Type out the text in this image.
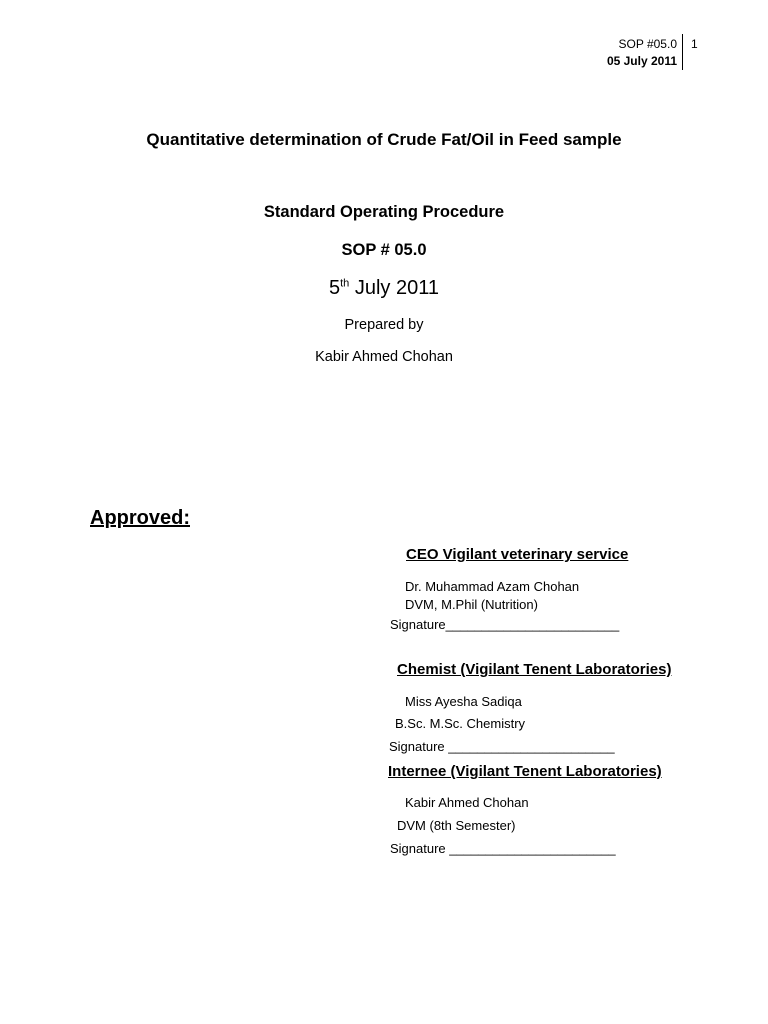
SOP #05.0
05 July 2011
1
Quantitative determination of Crude Fat/Oil in Feed sample
Standard Operating Procedure
SOP # 05.0
5th July 2011
Prepared by
Kabir Ahmed Chohan
Approved:
CEO Vigilant veterinary service
Dr. Muhammad Azam Chohan
DVM, M.Phil (Nutrition)
Signature________________________
Chemist (Vigilant Tenent Laboratories)
Miss Ayesha Sadiqa
B.Sc. M.Sc. Chemistry
Signature _______________________
Internee (Vigilant Tenent Laboratories)
Kabir Ahmed Chohan
DVM (8th Semester)
Signature _______________________
